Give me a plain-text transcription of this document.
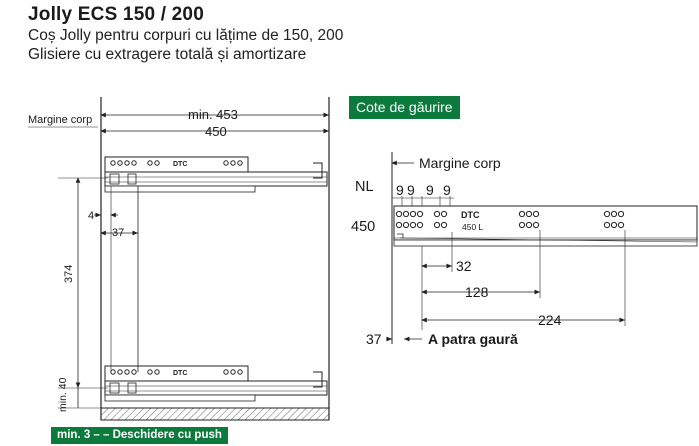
Jolly ECS 150 / 200
Coș Jolly pentru corpuri cu lățime de 150, 200
Glisiere cu extragere totală și amortizare
min. 453
450
Margine corp
DTC
DTC
4
37
374
min. 40
Margine corp
NL
450
9 9 9 9
DTC
450 L
32
128
224
37	A patra gaură
Cote de găurire
min. 3 – – Deschidere cu push
